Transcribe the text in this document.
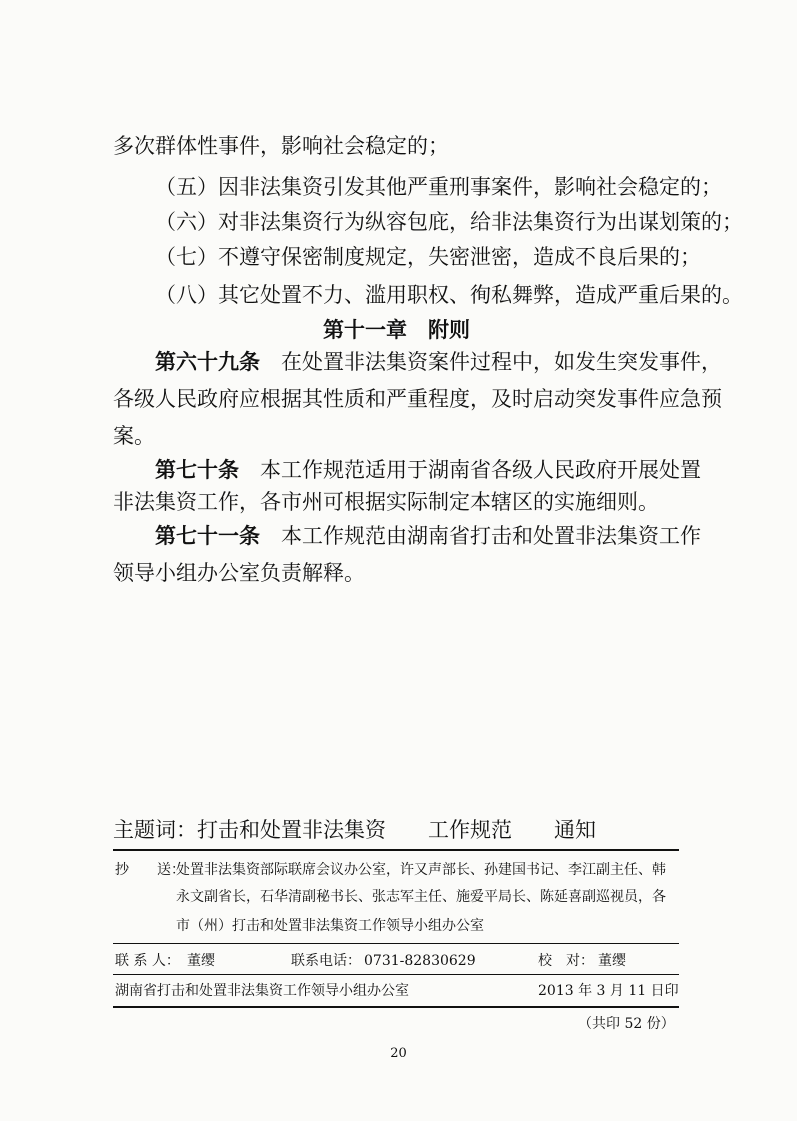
多次群体性事件，影响社会稳定的；
（五）因非法集资引发其他严重刑事案件，影响社会稳定的；
（六）对非法集资行为纵容包庇，给非法集资行为出谋划策的；
（七）不遵守保密制度规定，失密泄密，造成不良后果的；
（八）其它处置不力、滥用职权、徇私舞弊，造成严重后果的。
第十一章　附则
第六十九条　在处置非法集资案件过程中，如发生突发事件，
各级人民政府应根据其性质和严重程度，及时启动突发事件应急预
案。
第七十条　本工作规范适用于湖南省各级人民政府开展处置
非法集资工作，各市州可根据实际制定本辖区的实施细则。
第七十一条　本工作规范由湖南省打击和处置非法集资工作
领导小组办公室负责解释。
主题词：打击和处置非法集资　　工作规范　　通知
抄　　送：
处置非法集资部际联席会议办公室，许又声部长、孙建国书记、李江副主任、韩
永文副省长，石华清副秘书长、张志军主任、施爱平局长、陈延喜副巡视员，各
市（州）打击和处置非法集资工作领导小组办公室
联 系 人： 董缨	联系电话： 0731-82830629	校　对： 董缨
湖南省打击和处置非法集资工作领导小组办公室	2013 年 3 月 11 日印
（共印 52 份）
20
